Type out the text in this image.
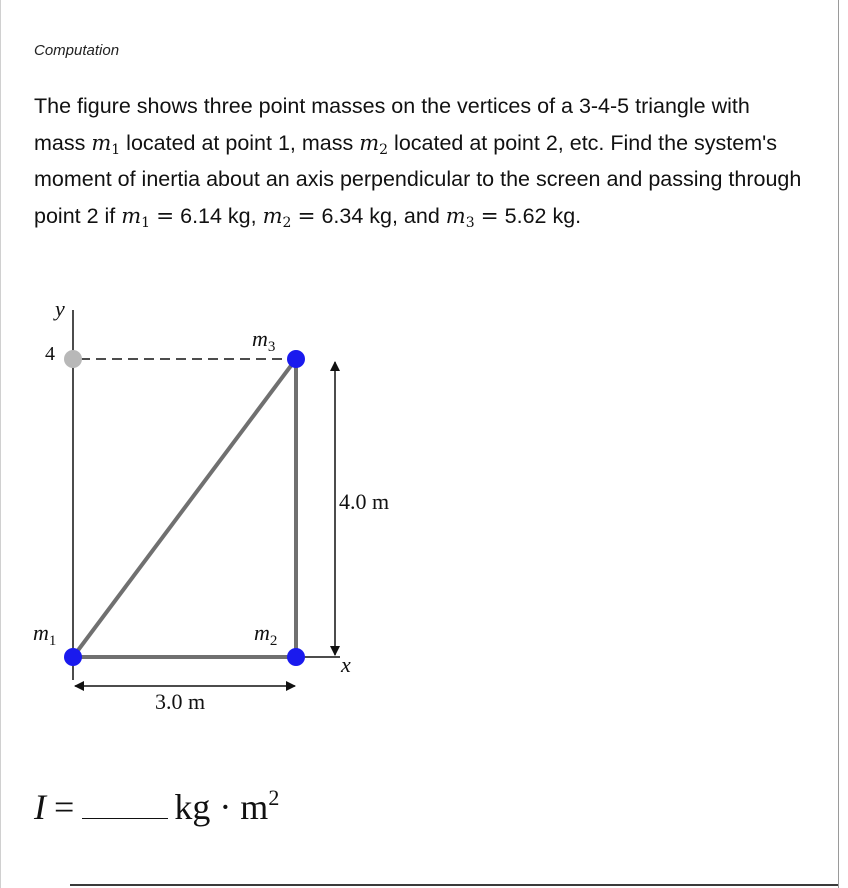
Computation
The figure shows three point masses on the vertices of a 3-4-5 triangle with mass $m_1$ located at point 1, mass $m_2$ located at point 2, etc. Find the system's moment of inertia about an axis perpendicular to the screen and passing through point 2 if $m_1 = 6.14$ kg, $m_2 = 6.34$ kg, and $m_3 = 5.62$ kg.
y
x
4
$m_3$
$m_1$	$m_2$
4.0 m
3.0 m
I =	kg · $m^2$
